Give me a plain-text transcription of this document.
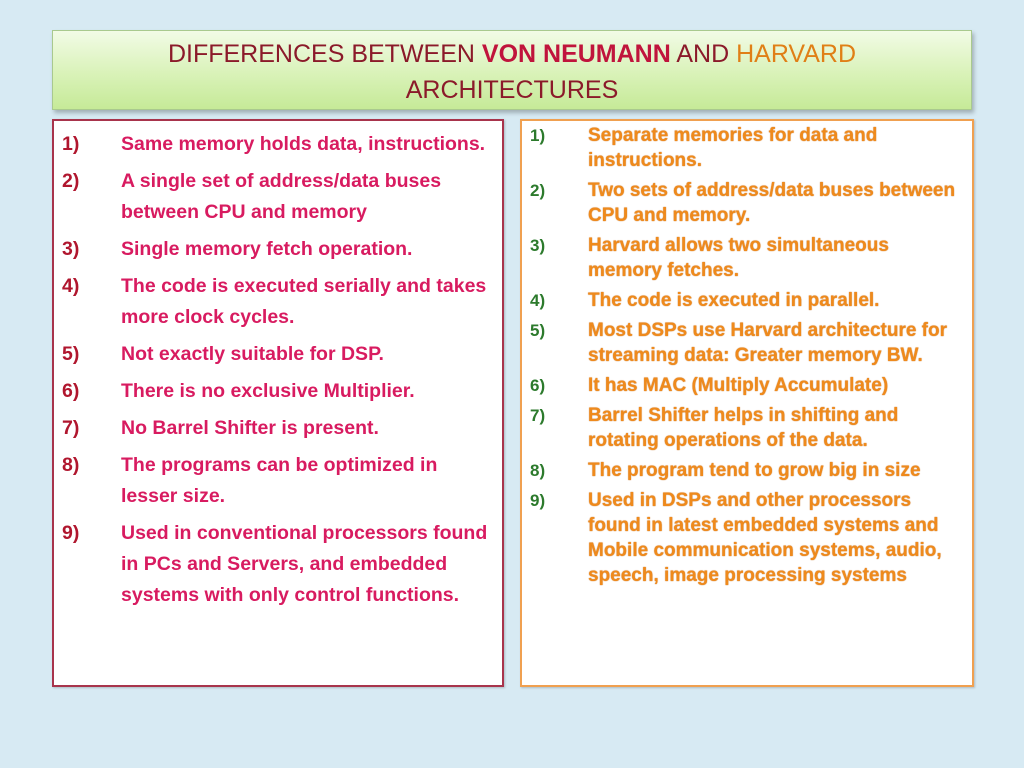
DIFFERENCES BETWEEN VON NEUMANN AND HARVARD
ARCHITECTURES
1)	Same memory holds data, instructions.
2)	A single set of address/data buses between CPU and memory
3)	Single memory fetch operation.
4)	The code is executed serially and takes more clock cycles.
5)	Not exactly suitable for DSP.
6)	There is no exclusive Multiplier.
7)	No Barrel Shifter is present.
8)	The programs can be optimized in lesser size.
9)	Used in conventional processors found in PCs and Servers, and embedded systems with only control functions.
1)	Separate memories for data and instructions.
2)	Two sets of address/data buses between CPU and memory.
3)	Harvard allows two simultaneous memory fetches.
4)	The code is executed in parallel.
5)	Most DSPs use Harvard architecture for streaming data: Greater memory BW.
6)	It has MAC (Multiply Accumulate)
7)	Barrel Shifter helps in shifting and rotating operations of the data.
8)	The program tend to grow big in size
9)	Used in DSPs and other processors found in latest embedded systems and Mobile communication systems, audio, speech, image processing systems
